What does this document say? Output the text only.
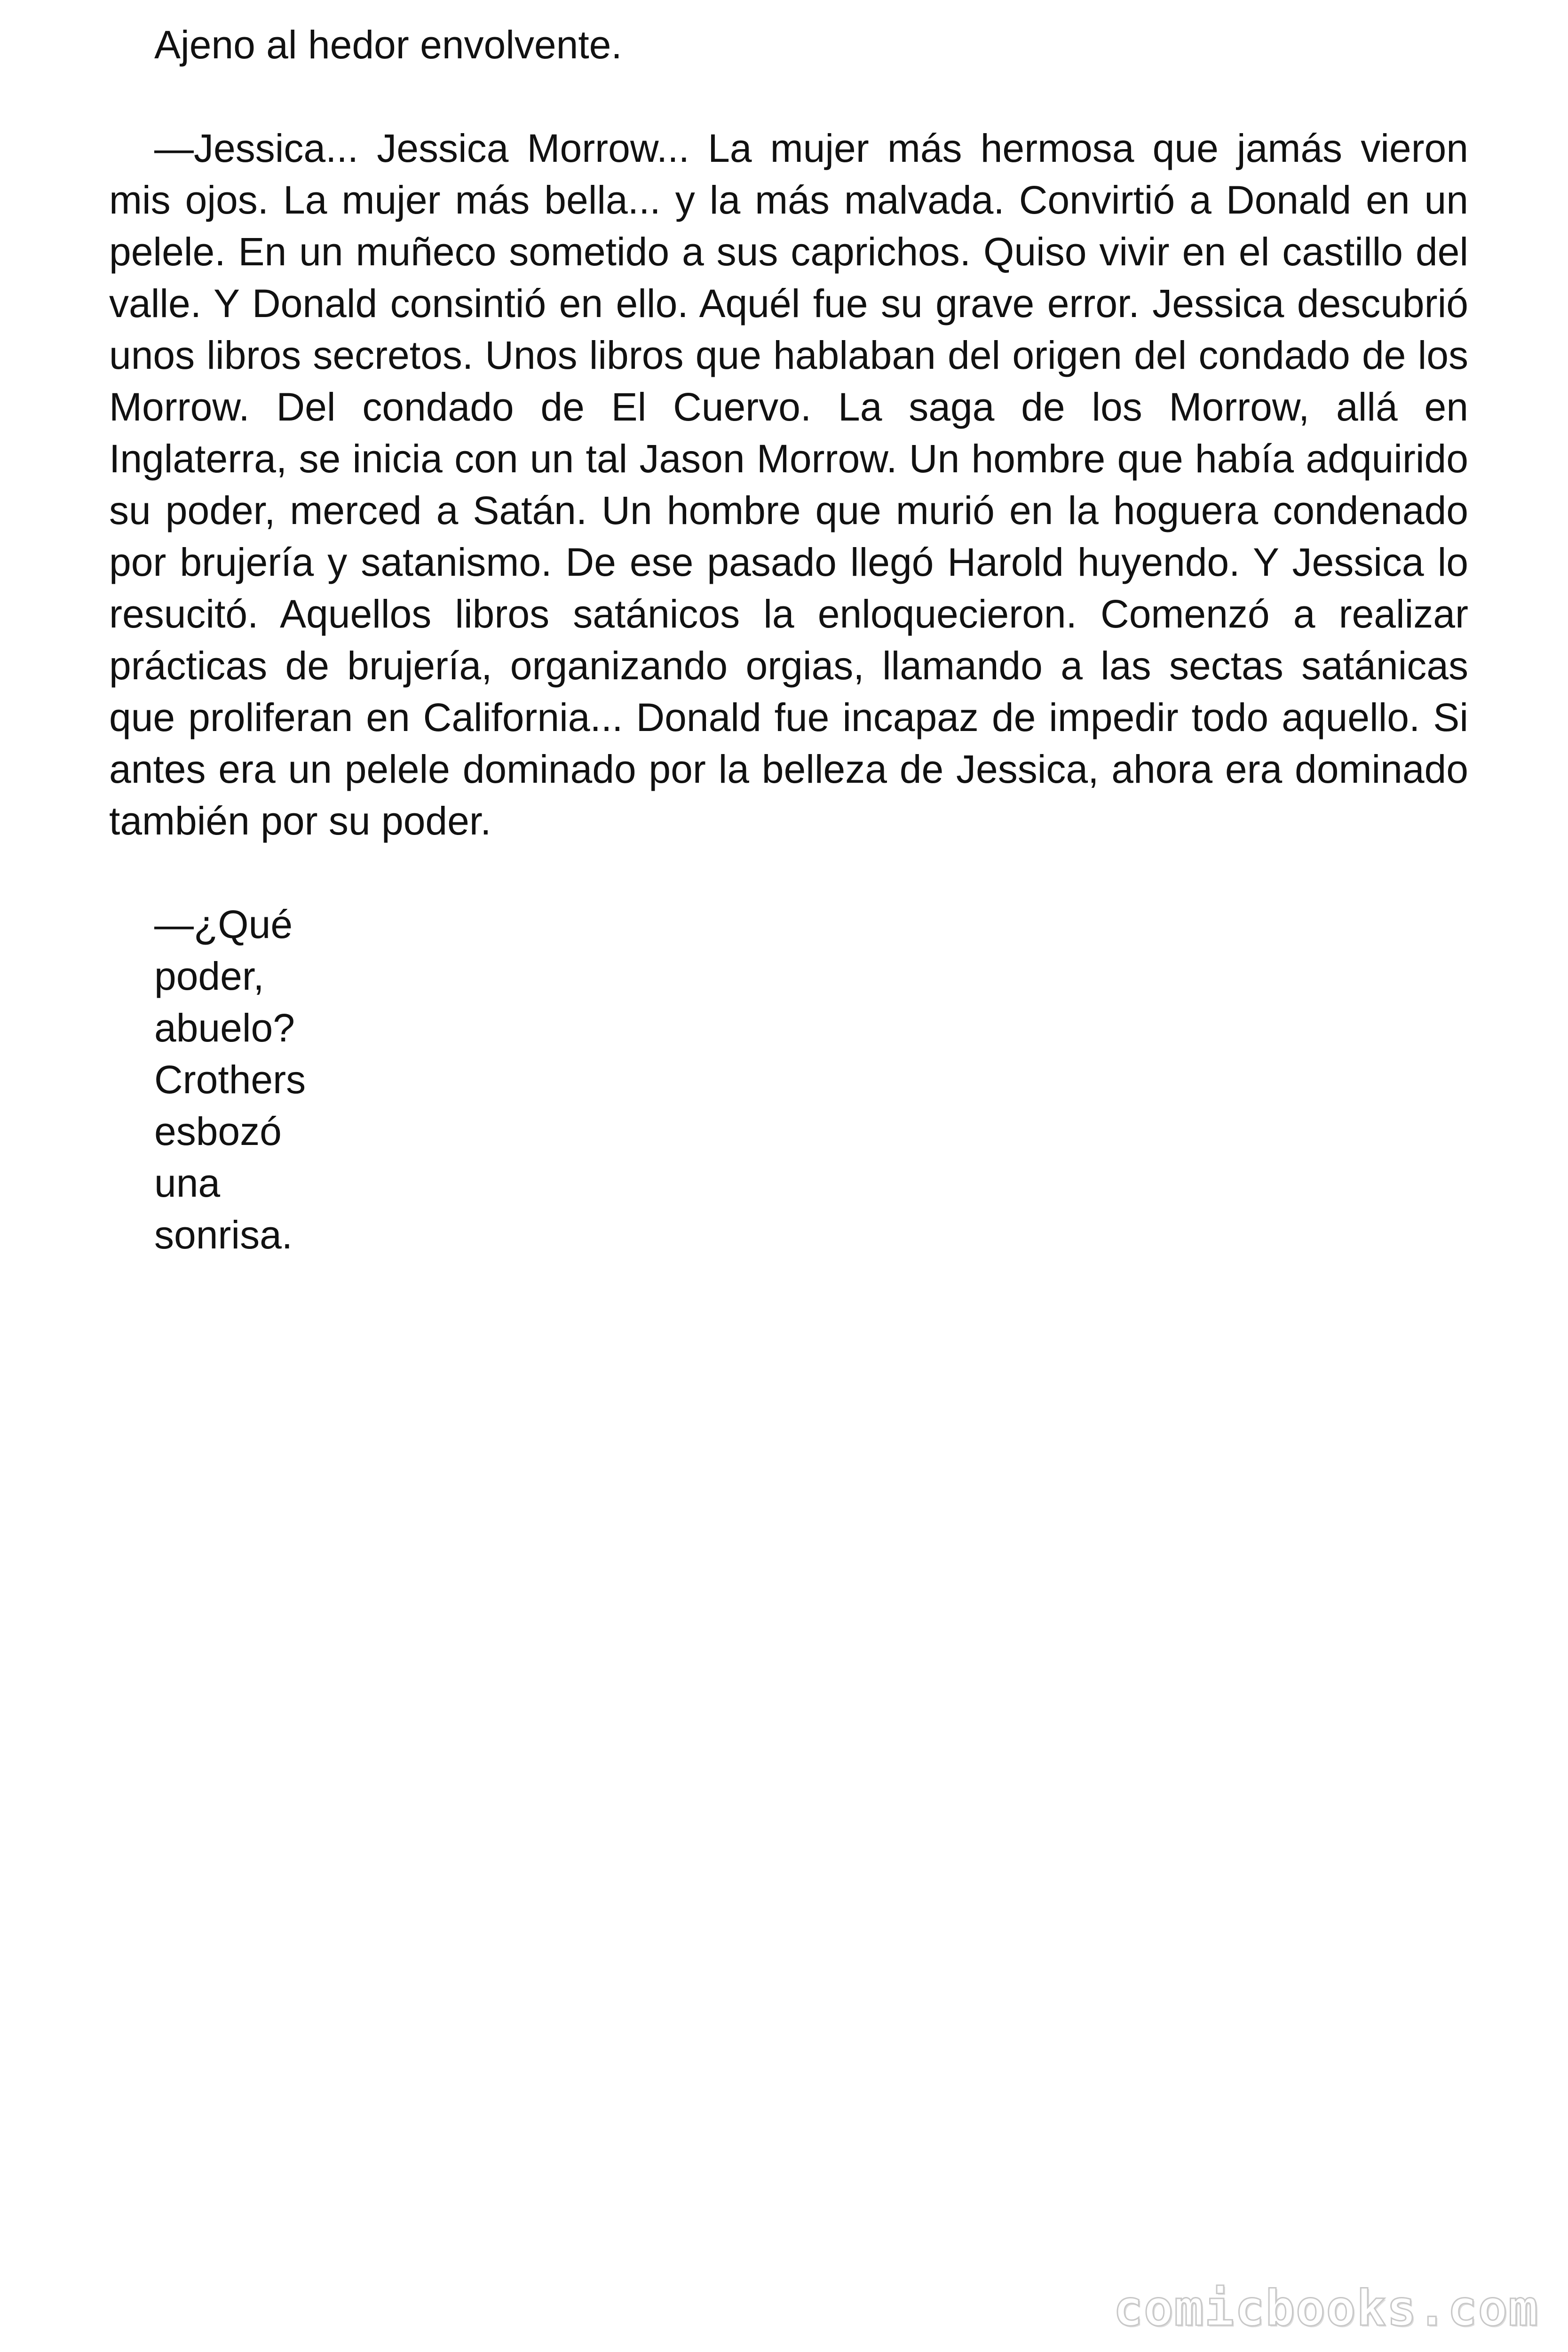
Ajeno al hedor envolvente.

—Jessica... Jessica Morrow... La mujer más hermosa que jamás vieron mis ojos. La mujer más bella... y la más malvada. Convirtió a Donald en un pelele. En un muñeco sometido a sus caprichos. Quiso vivir en el castillo del valle. Y Donald consintió en ello. Aquél fue su grave error. Jessica descubrió unos libros secretos. Unos libros que hablaban del origen del condado de los Morrow. Del condado de El Cuervo. La saga de los Morrow, allá en Inglaterra, se inicia con un tal Jason Morrow. Un hombre que había adquirido su poder, merced a Satán. Un hombre que murió en la hoguera condenado por brujería y satanismo. De ese pasado llegó Harold huyendo. Y Jessica lo resucitó. Aquellos libros satánicos la enloquecieron. Comenzó a realizar prácticas de brujería, organizando orgias, llamando a las sectas satánicas que proliferan en California... Donald fue incapaz de impedir todo aquello. Si antes era un pelele dominado por la belleza de Jessica, ahora era dominado también por su poder.

—¿Qué poder, abuelo? Crothers esbozó una sonrisa.

comicbooks.com
